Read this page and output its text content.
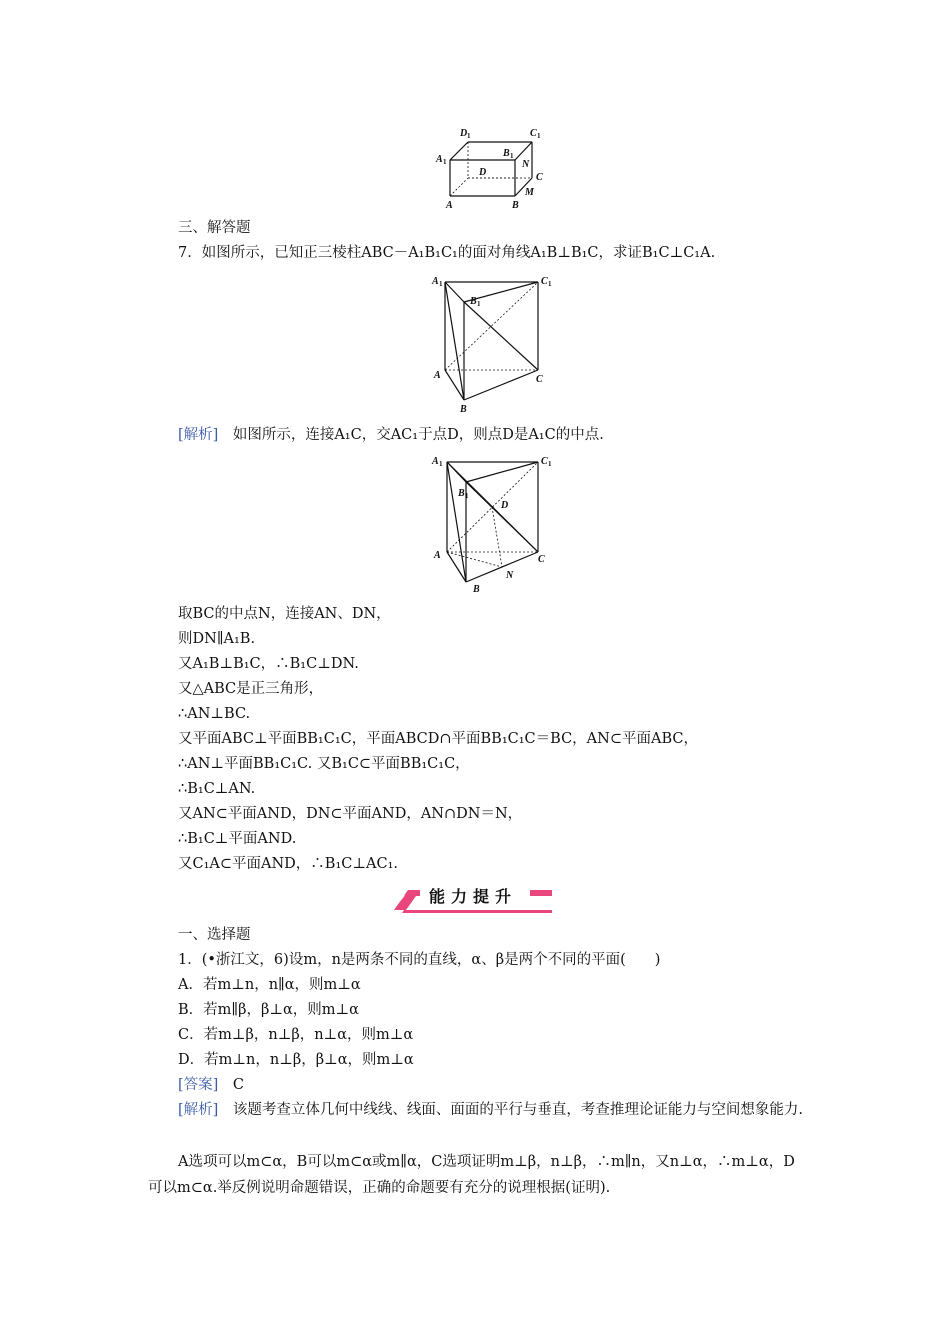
D 1	C 1
A 1
B 1
D
N
C
M
A	B
三、解答题
7．如图所示，已知正三棱柱ABC－A₁B₁C₁的面对角线A₁B⊥B₁C，求证B₁C⊥C₁A.
A 1
B 1
C 1
A	C
B
[解析]　 如图所示，连接A₁C，交AC₁于点D，则点D是A₁C的中点.
A 1
B 1
C 1
D
A	C
N
B
取BC的中点N，连接AN、DN，
则DN∥A₁B.
又A₁B⊥B₁C，∴B₁C⊥DN.
又△ABC是正三角形，
∴AN⊥BC.
又平面ABC⊥平面BB₁C₁C，平面ABCD∩平面BB₁C₁C＝BC，AN⊂平面ABC，
∴AN⊥平面BB₁C₁C. 又B₁C⊂平面BB₁C₁C，
∴B₁C⊥AN.
又AN⊂平面AND，DN⊂平面AND，AN∩DN＝N，
∴B₁C⊥平面AND.
又C₁A⊂平面AND，∴B₁C⊥AC₁.
能力提升
一、选择题
1．(•浙江文，6)设m，n是两条不同的直线，α、β是两个不同的平面(　　)
A．若m⊥n，n∥α，则m⊥α
B．若m∥β，β⊥α，则m⊥α
C．若m⊥β，n⊥β，n⊥α，则m⊥α
D．若m⊥n，n⊥β，β⊥α，则m⊥α
[答案]　 C
[解析]　 该题考查立体几何中线线、线面、面面的平行与垂直，考查推理论证能力与空间想象能力.
A选项可以m⊂α，B可以m⊂α或m∥α，C选项证明m⊥β，n⊥β，∴m∥n，又n⊥α，∴m⊥α，D可以m⊂α.举反例说明命题错误，正确的命题要有充分的说理根据(证明).
